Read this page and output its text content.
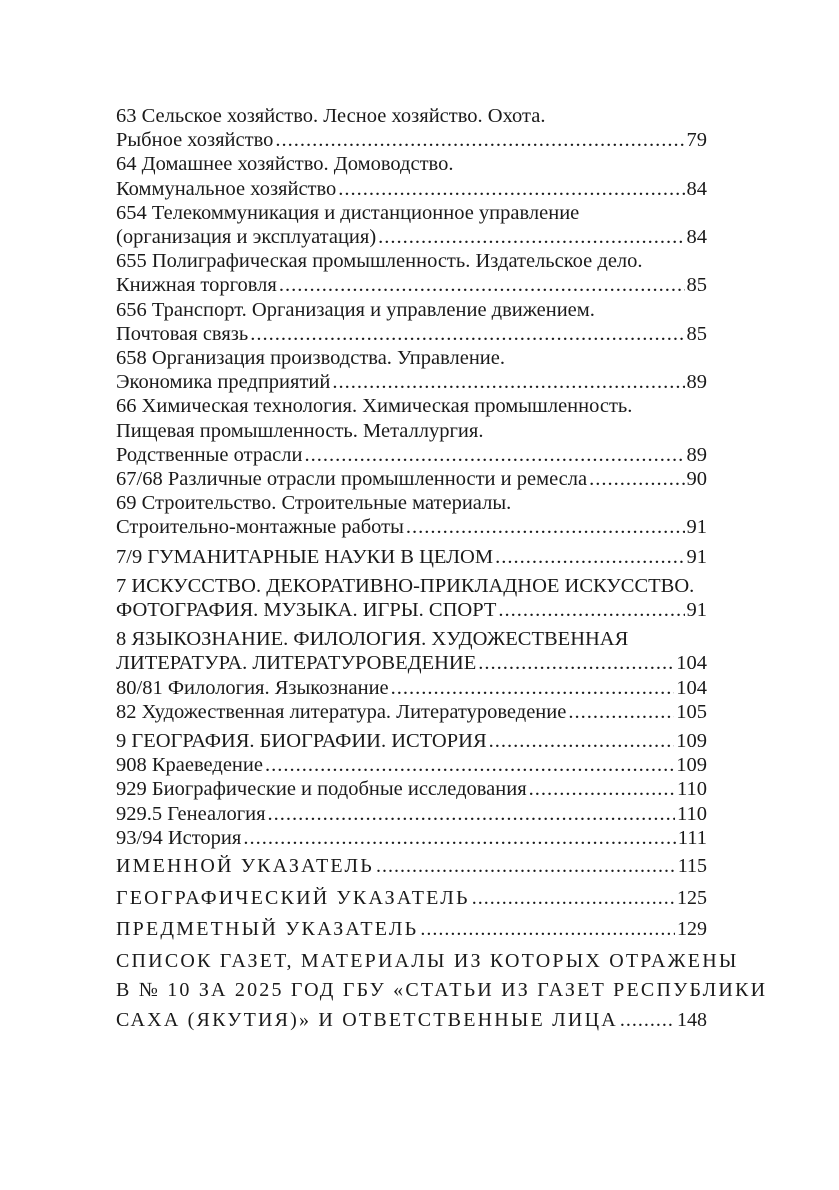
63 Сельское хозяйство. Лесное хозяйство. Охота.
Рыбное хозяйство .....	79
64 Домашнее хозяйство. Домоводство.
Коммунальное хозяйство .....	84
654 Телекоммуникация и дистанционное управление
(организация и эксплуатация) .....	84
655 Полиграфическая промышленность. Издательское дело.
Книжная торговля .....	85
656 Транспорт. Организация и управление движением.
Почтовая связь .....	85
658 Организация производства. Управление.
Экономика предприятий .....	89
66 Химическая технология. Химическая промышленность.
Пищевая промышленность. Металлургия.
Родственные отрасли .....	89
67/68 Различные отрасли промышленности и ремесла .....	90
69 Строительство. Строительные материалы.
Строительно-монтажные работы .....	91
7/9 ГУМАНИТАРНЫЕ НАУКИ В ЦЕЛОМ .....	91
7 ИСКУССТВО. ДЕКОРАТИВНО-ПРИКЛАДНОЕ ИСКУССТВО.
ФОТОГРАФИЯ. МУЗЫКА. ИГРЫ. СПОРТ .....	91
8 ЯЗЫКОЗНАНИЕ. ФИЛОЛОГИЯ. ХУДОЖЕСТВЕННАЯ
ЛИТЕРАТУРА. ЛИТЕРАТУРОВЕДЕНИЕ .....	104
80/81 Филология. Языкознание .....	104
82 Художественная литература. Литературоведение .....	105
9 ГЕОГРАФИЯ. БИОГРАФИИ. ИСТОРИЯ .....	109
908 Краеведение .....	109
929 Биографические и подобные исследования .....	110
929.5 Генеалогия .....	110
93/94 История .....	111
ИМЕННОЙ УКАЗАТЕЛЬ .....	115
ГЕОГРАФИЧЕСКИЙ УКАЗАТЕЛЬ .....	125
ПРЕДМЕТНЫЙ УКАЗАТЕЛЬ .....	129
СПИСОК ГАЗЕТ, МАТЕРИАЛЫ ИЗ КОТОРЫХ ОТРАЖЕНЫ
В № 10 ЗА 2025 ГОД ГБУ «СТАТЬИ ИЗ ГАЗЕТ РЕСПУБЛИКИ
САХА (ЯКУТИЯ)» И ОТВЕТСТВЕННЫЕ ЛИЦА .....	148
